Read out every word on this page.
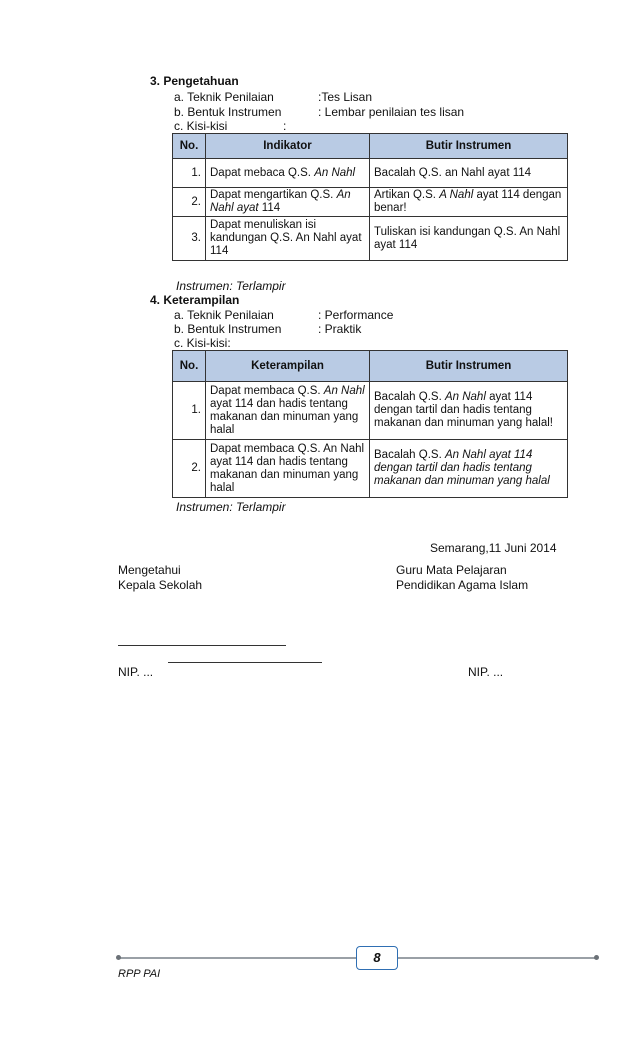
3. Pengetahuan
a. Teknik Penilaian	:Tes Lisan
b. Bentuk Instrumen	: Lembar penilaian tes lisan
c. Kisi-kisi	:
No.	Indikator	Butir Instrumen
1.	Dapat mebaca Q.S. An Nahl	Bacalah Q.S. an Nahl ayat 114
2.	Dapat mengartikan Q.S. An Nahl ayat 114	Artikan Q.S. A Nahl ayat 114 dengan benar!
3.	Dapat menuliskan isi kandungan Q.S. An Nahl ayat 114	Tuliskan isi kandungan Q.S. An Nahl ayat 114
Instrumen: Terlampir
4. Keterampilan
a. Teknik Penilaian	: Performance
b. Bentuk Instrumen	: Praktik
c. Kisi-kisi:
No.	Keterampilan	Butir Instrumen
1.	Dapat membaca Q.S. An Nahl ayat 114 dan hadis tentang makanan dan minuman yang halal	Bacalah Q.S. An Nahl ayat 114 dengan tartil dan hadis tentang makanan dan minuman yang halal!
2.	Dapat membaca Q.S. An Nahl ayat 114 dan hadis tentang makanan dan minuman yang halal	Bacalah Q.S. An Nahl ayat 114 dengan tartil dan hadis tentang makanan dan minuman yang halal
Instrumen: Terlampir
Semarang,11 Juni 2014
Mengetahui
Kepala Sekolah
Guru Mata Pelajaran
Pendidikan Agama Islam
NIP. ...	NIP. ...
8
RPP PAI
